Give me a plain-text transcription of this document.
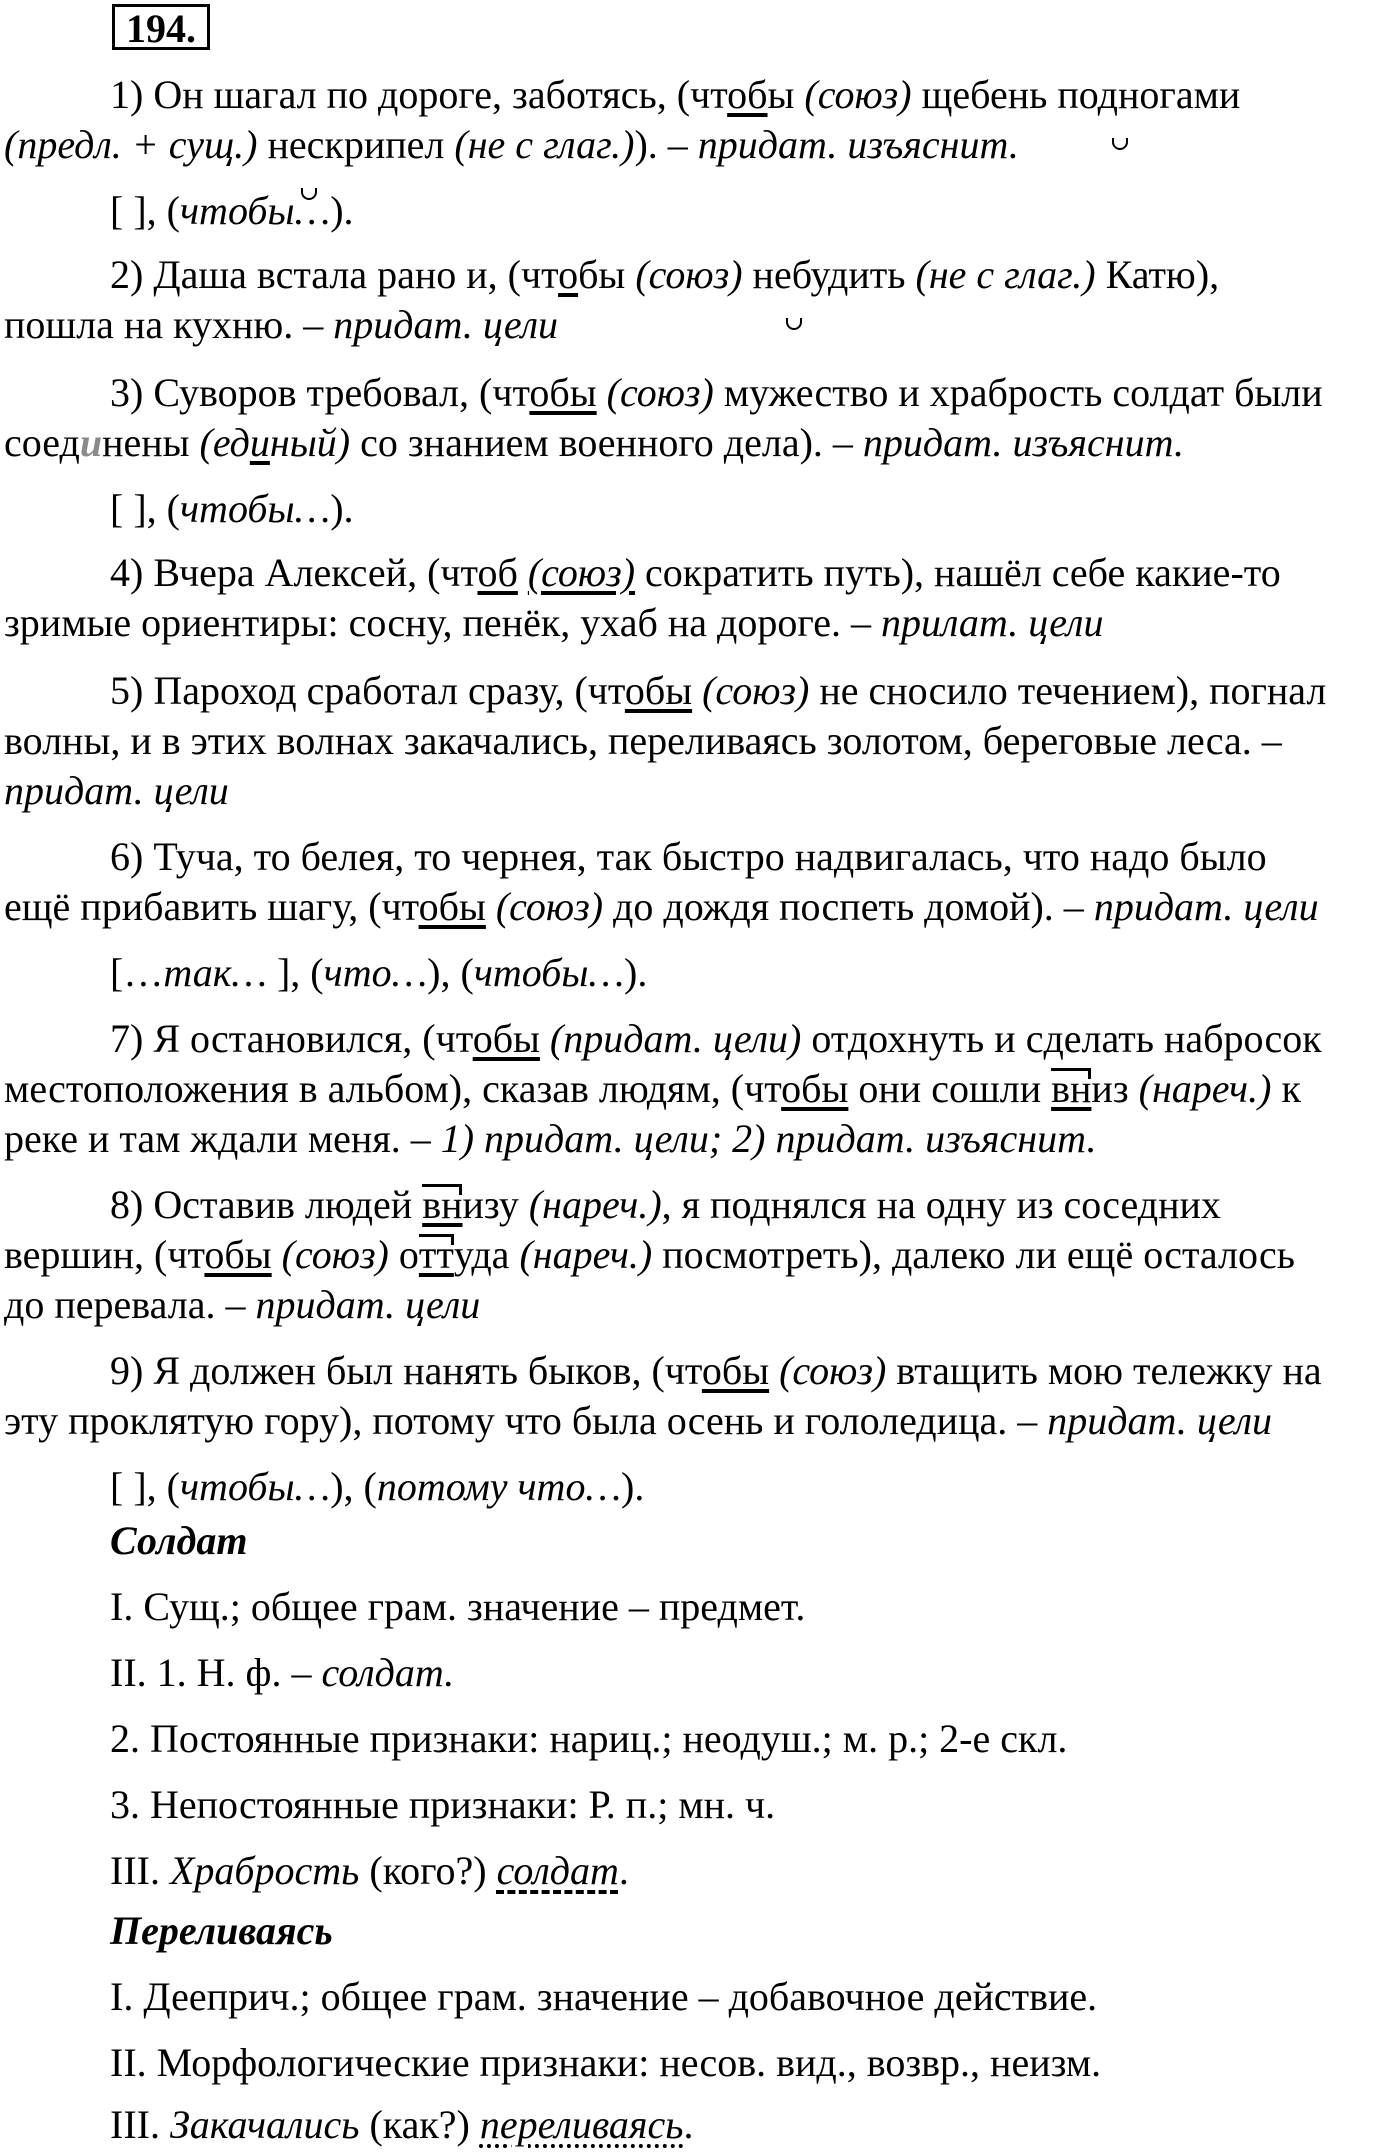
194.
1) Он шагал по дороге, заботясь, (чтобы (союз) щебень подногами
(предл. + сущ.) нескрипел (не с глаг.)). – придат. изъяснит.
[ ], (чтобы…).
2) Даша встала рано и, (чтобы (союз) небудить (не с глаг.) Катю),
пошла на кухню. – придат. цели
3) Суворов требовал, (чтобы (союз) мужество и храбрость солдат были
соединены (единый) со знанием военного дела). – придат. изъяснит.
[ ], (чтобы…).
4) Вчера Алексей, (чтоб (союз) сократить путь), нашёл себе какие-то
зримые ориентиры: сосну, пенёк, ухаб на дороге. – прилат. цели
5) Пароход сработал сразу, (чтобы (союз) не сносило течением), погнал
волны, и в этих волнах закачались, переливаясь золотом, береговые леса. –
придат. цели
6) Туча, то белея, то чернея, так быстро надвигалась, что надо было
ещё прибавить шагу, (чтобы (союз) до дождя поспеть домой). – придат. цели
[…так… ], (что…), (чтобы…).
7) Я остановился, (чтобы (придат. цели) отдохнуть и сделать набросок
местоположения в альбом), сказав людям, (чтобы они сошли вниз (нареч.) к
реке и там ждали меня. – 1) придат. цели; 2) придат. изъяснит.
8) Оставив людей внизу (нареч.), я поднялся на одну из соседних
вершин, (чтобы (союз) оттуда (нареч.) посмотреть), далеко ли ещё осталось
до перевала. – придат. цели
9) Я должен был нанять быков, (чтобы (союз) втащить мою тележку на
эту проклятую гору), потому что была осень и гололедица. – придат. цели
[ ], (чтобы…), (потому что…).
Солдат
I. Сущ.; общее грам. значение – предмет.
II. 1. Н. ф. – солдат.
2. Постоянные признаки: нариц.; неодуш.; м. р.; 2-е скл.
3. Непостоянные признаки: Р. п.; мн. ч.
III. Храбрость (кого?) солдат.
Переливаясь
I. Дееприч.; общее грам. значение – добавочное действие.
II. Морфологические признаки: несов. вид., возвр., неизм.
III. Закачались (как?) переливаясь.
